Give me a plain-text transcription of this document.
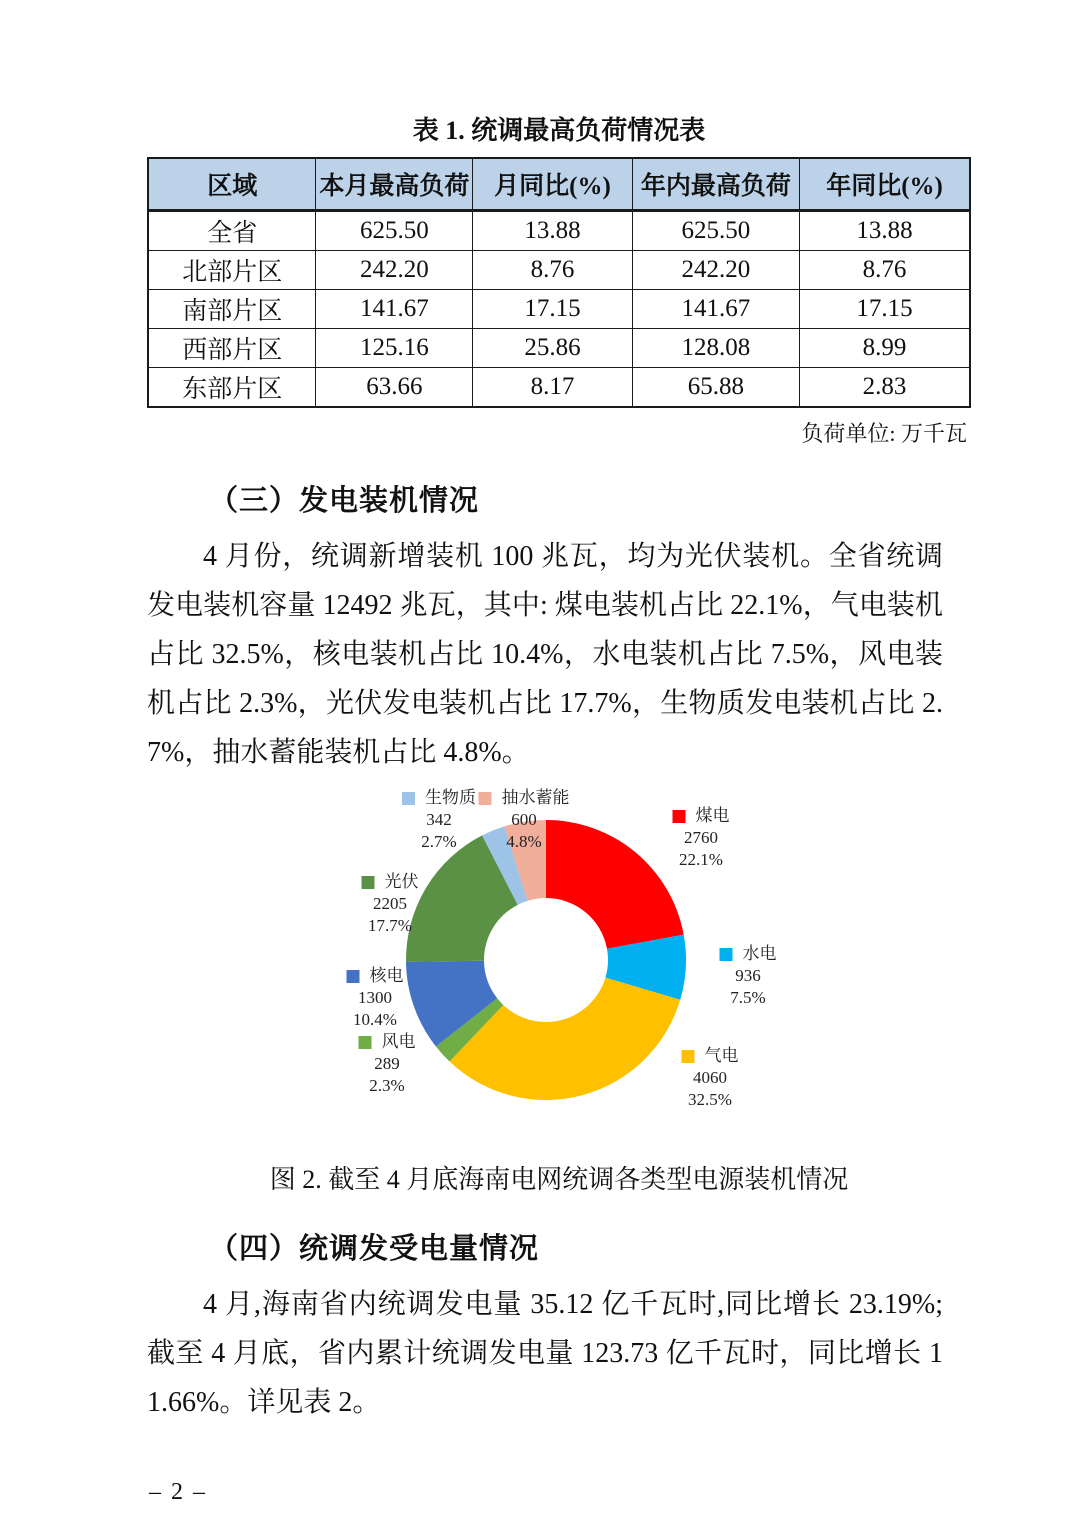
表 1. 统调最高负荷情况表
区域	本月最高负荷	月同比(%)	年内最高负荷	年同比(%)
全省	625.50	13.88	625.50	13.88
北部片区	242.20	8.76	242.20	8.76
南部片区	141.67	17.15	141.67	17.15
西部片区	125.16	25.86	128.08	8.99
东部片区	63.66	8.17	65.88	2.83
负荷单位: 万千瓦
（三）发电装机情况
4 月份，统调新增装机 100 兆瓦，均为光伏装机。全省统调发电装机容量 12492 兆瓦，其中: 煤电装机占比 22.1%，气电装机占比 32.5%，核电装机占比 10.4%，水电装机占比 7.5%，风电装机占比 2.3%，光伏发电装机占比 17.7%，生物质发电装机占比 2.7%，抽水蓄能装机占比 4.8%。
生物质
342
2.7%
抽水蓄能
600
4.8%
煤电
2760
22.1%
水电
936
7.5%
气电
4060
32.5%
光伏
2205
17.7%
核电
1300
10.4%
风电
289
2.3%
图 2. 截至 4 月底海南电网统调各类型电源装机情况
（四）统调发受电量情况
4 月,海南省内统调发电量 35.12 亿千瓦时,同比增长 23.19%;截至 4 月底，省内累计统调发电量 123.73 亿千瓦时，同比增长 11.66%。详见表 2。
– 2 –
